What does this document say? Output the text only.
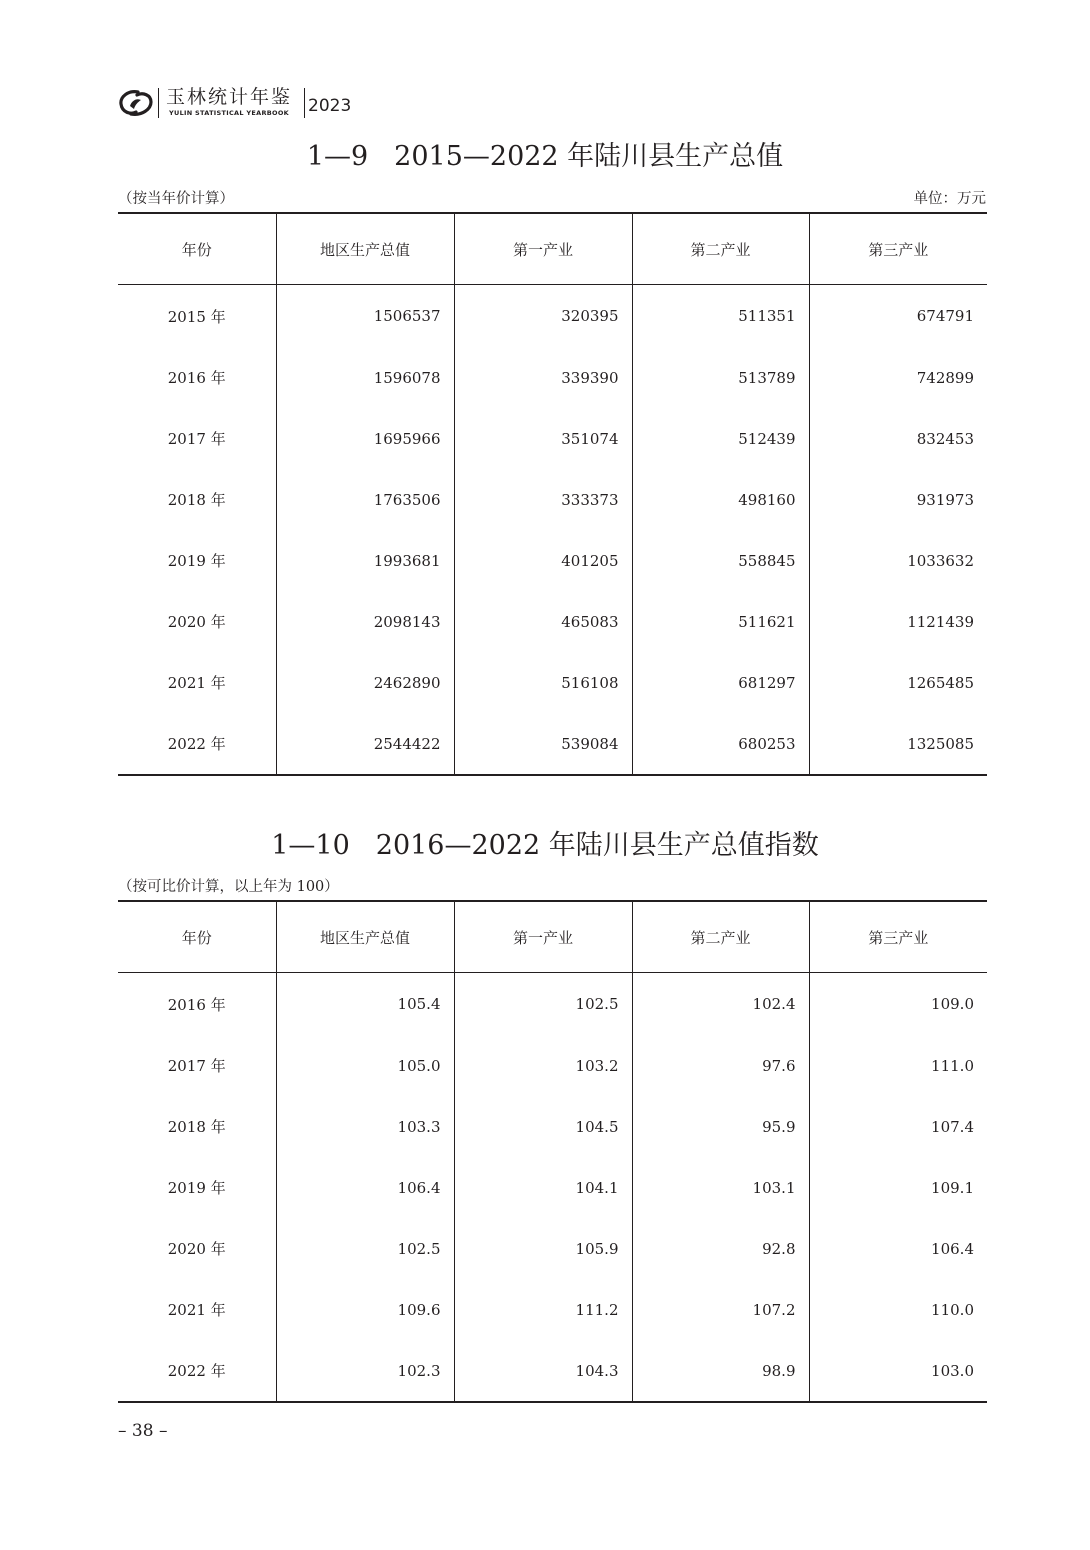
玉林统计年鉴
YULIN STATISTICAL YEARBOOK	2023
1—9 2015—2022 年陆川县生产总值
（按当年价计算）	单位：万元
年份	地区生产总值	第一产业	第二产业	第三产业
2015 年	1506537	320395	511351	674791
2016 年	1596078	339390	513789	742899
2017 年	1695966	351074	512439	832453
2018 年	1763506	333373	498160	931973
2019 年	1993681	401205	558845	1033632
2020 年	2098143	465083	511621	1121439
2021 年	2462890	516108	681297	1265485
2022 年	2544422	539084	680253	1325085
1—10 2016—2022 年陆川县生产总值指数
（按可比价计算，以上年为 100）
年份	地区生产总值	第一产业	第二产业	第三产业
2016 年	105.4	102.5	102.4	109.0
2017 年	105.0	103.2	97.6	111.0
2018 年	103.3	104.5	95.9	107.4
2019 年	106.4	104.1	103.1	109.1
2020 年	102.5	105.9	92.8	106.4
2021 年	109.6	111.2	107.2	110.0
2022 年	102.3	104.3	98.9	103.0
– 38 –
